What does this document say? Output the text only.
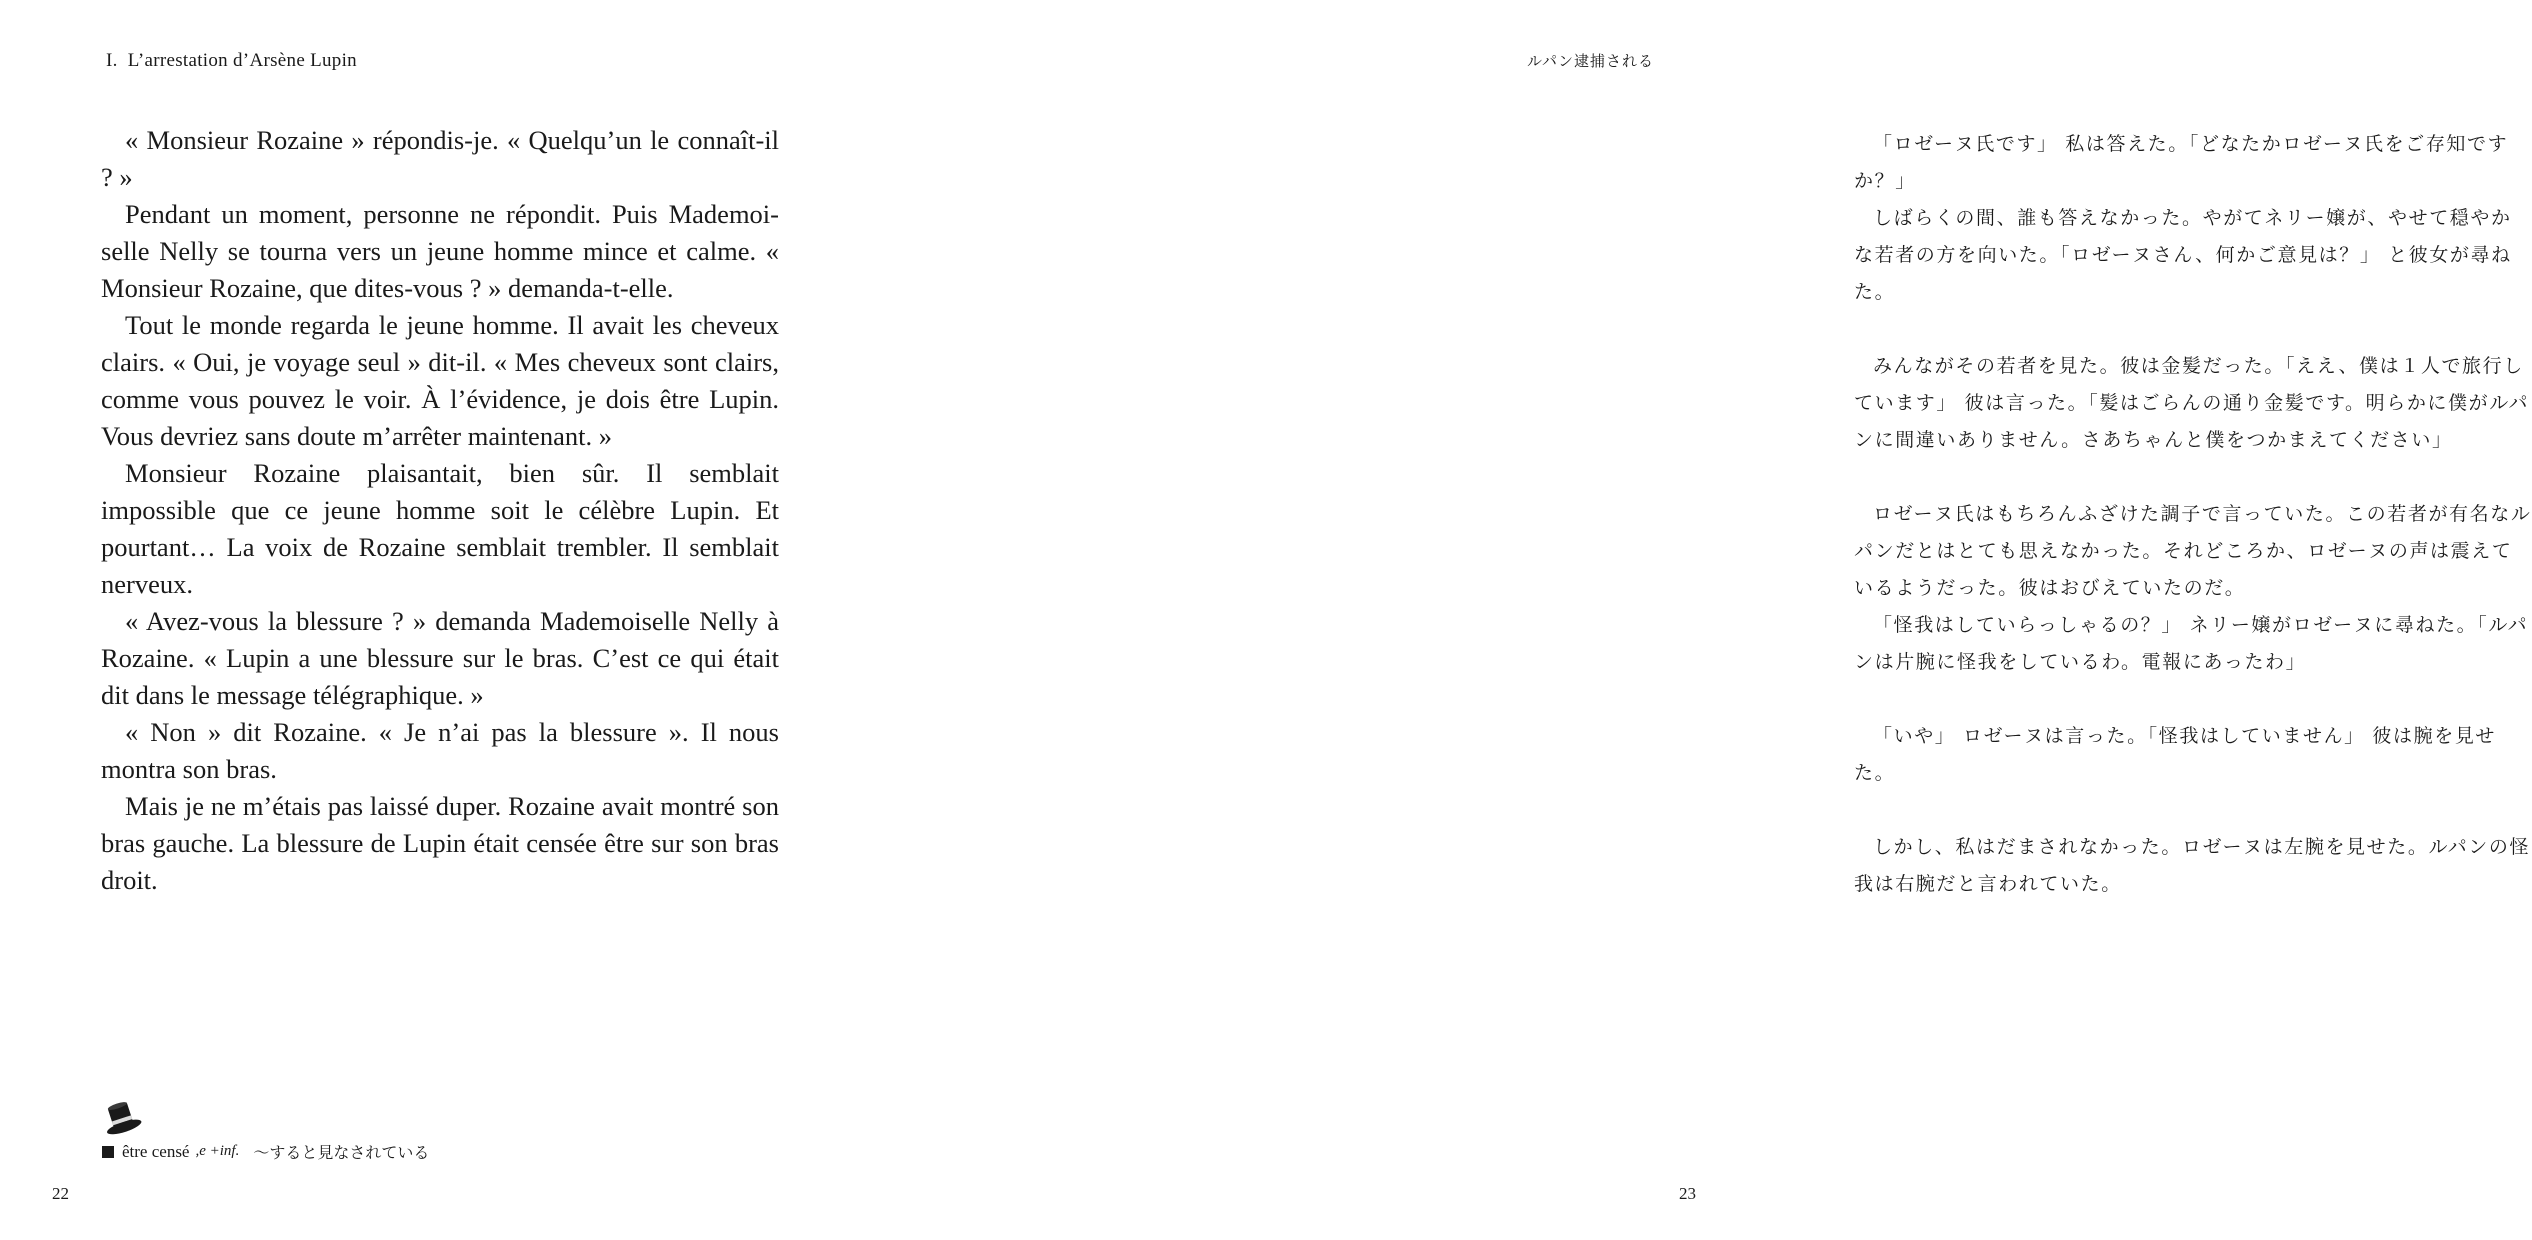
I. L’arrestation d’Arsène Lupin

« Monsieur Rozaine » répondis-je. « Quelqu’un le connaît-il ? »

Pendant un moment, personne ne répondit. Puis Mademoiselle Nelly se tourna vers un jeune homme mince et calme. « Monsieur Rozaine, que dites-vous ? » demanda-t-elle.

Tout le monde regarda le jeune homme. Il avait les cheveux clairs. « Oui, je voyage seul » dit-il. « Mes cheveux sont clairs, comme vous pouvez le voir. À l’évidence, je dois être Lupin. Vous devriez sans doute m’arrêter maintenant. »

Monsieur Rozaine plaisantait, bien sûr. Il semblait impossible que ce jeune homme soit le célèbre Lupin. Et pourtant… La voix de Rozaine semblait trembler. Il semblait nerveux.

« Avez-vous la blessure ? » demanda Mademoiselle Nelly à Rozaine. « Lupin a une blessure sur le bras. C’est ce qui était dit dans le message télégraphique. »

« Non » dit Rozaine. « Je n’ai pas la blessure ». Il nous montra son bras.

Mais je ne m’étais pas laissé duper. Rozaine avait montré son bras gauche. La blessure de Lupin était censée être sur son bras droit.

être censé ,e +inf. ～すると見なされている
22
ルパン逮捕される

「ロゼーヌ氏です」 私は答えた。「どなたかロゼーヌ氏をご存知ですか？」

しばらくの間、誰も答えなかった。やがてネリー嬢が、やせて穏やかな若者の方を向いた。「ロゼーヌさん、何かご意見は？」 と彼女が尋ねた。

みんながその若者を見た。彼は金髪だった。「ええ、僕は１人で旅行しています」 彼は言った。「髪はごらんの通り金髪です。明らかに僕がルパンに間違いありません。さあちゃんと僕をつかまえてください」

ロゼーヌ氏はもちろんふざけた調子で言っていた。この若者が有名なルパンだとはとても思えなかった。それどころか、ロゼーヌの声は震えているようだった。彼はおびえていたのだ。

「怪我はしていらっしゃるの？」 ネリー嬢がロゼーヌに尋ねた。「ルパンは片腕に怪我をしているわ。電報にあったわ」

「いや」 ロゼーヌは言った。「怪我はしていません」 彼は腕を見せた。

しかし、私はだまされなかった。ロゼーヌは左腕を見せた。ルパンの怪我は右腕だと言われていた。

23
